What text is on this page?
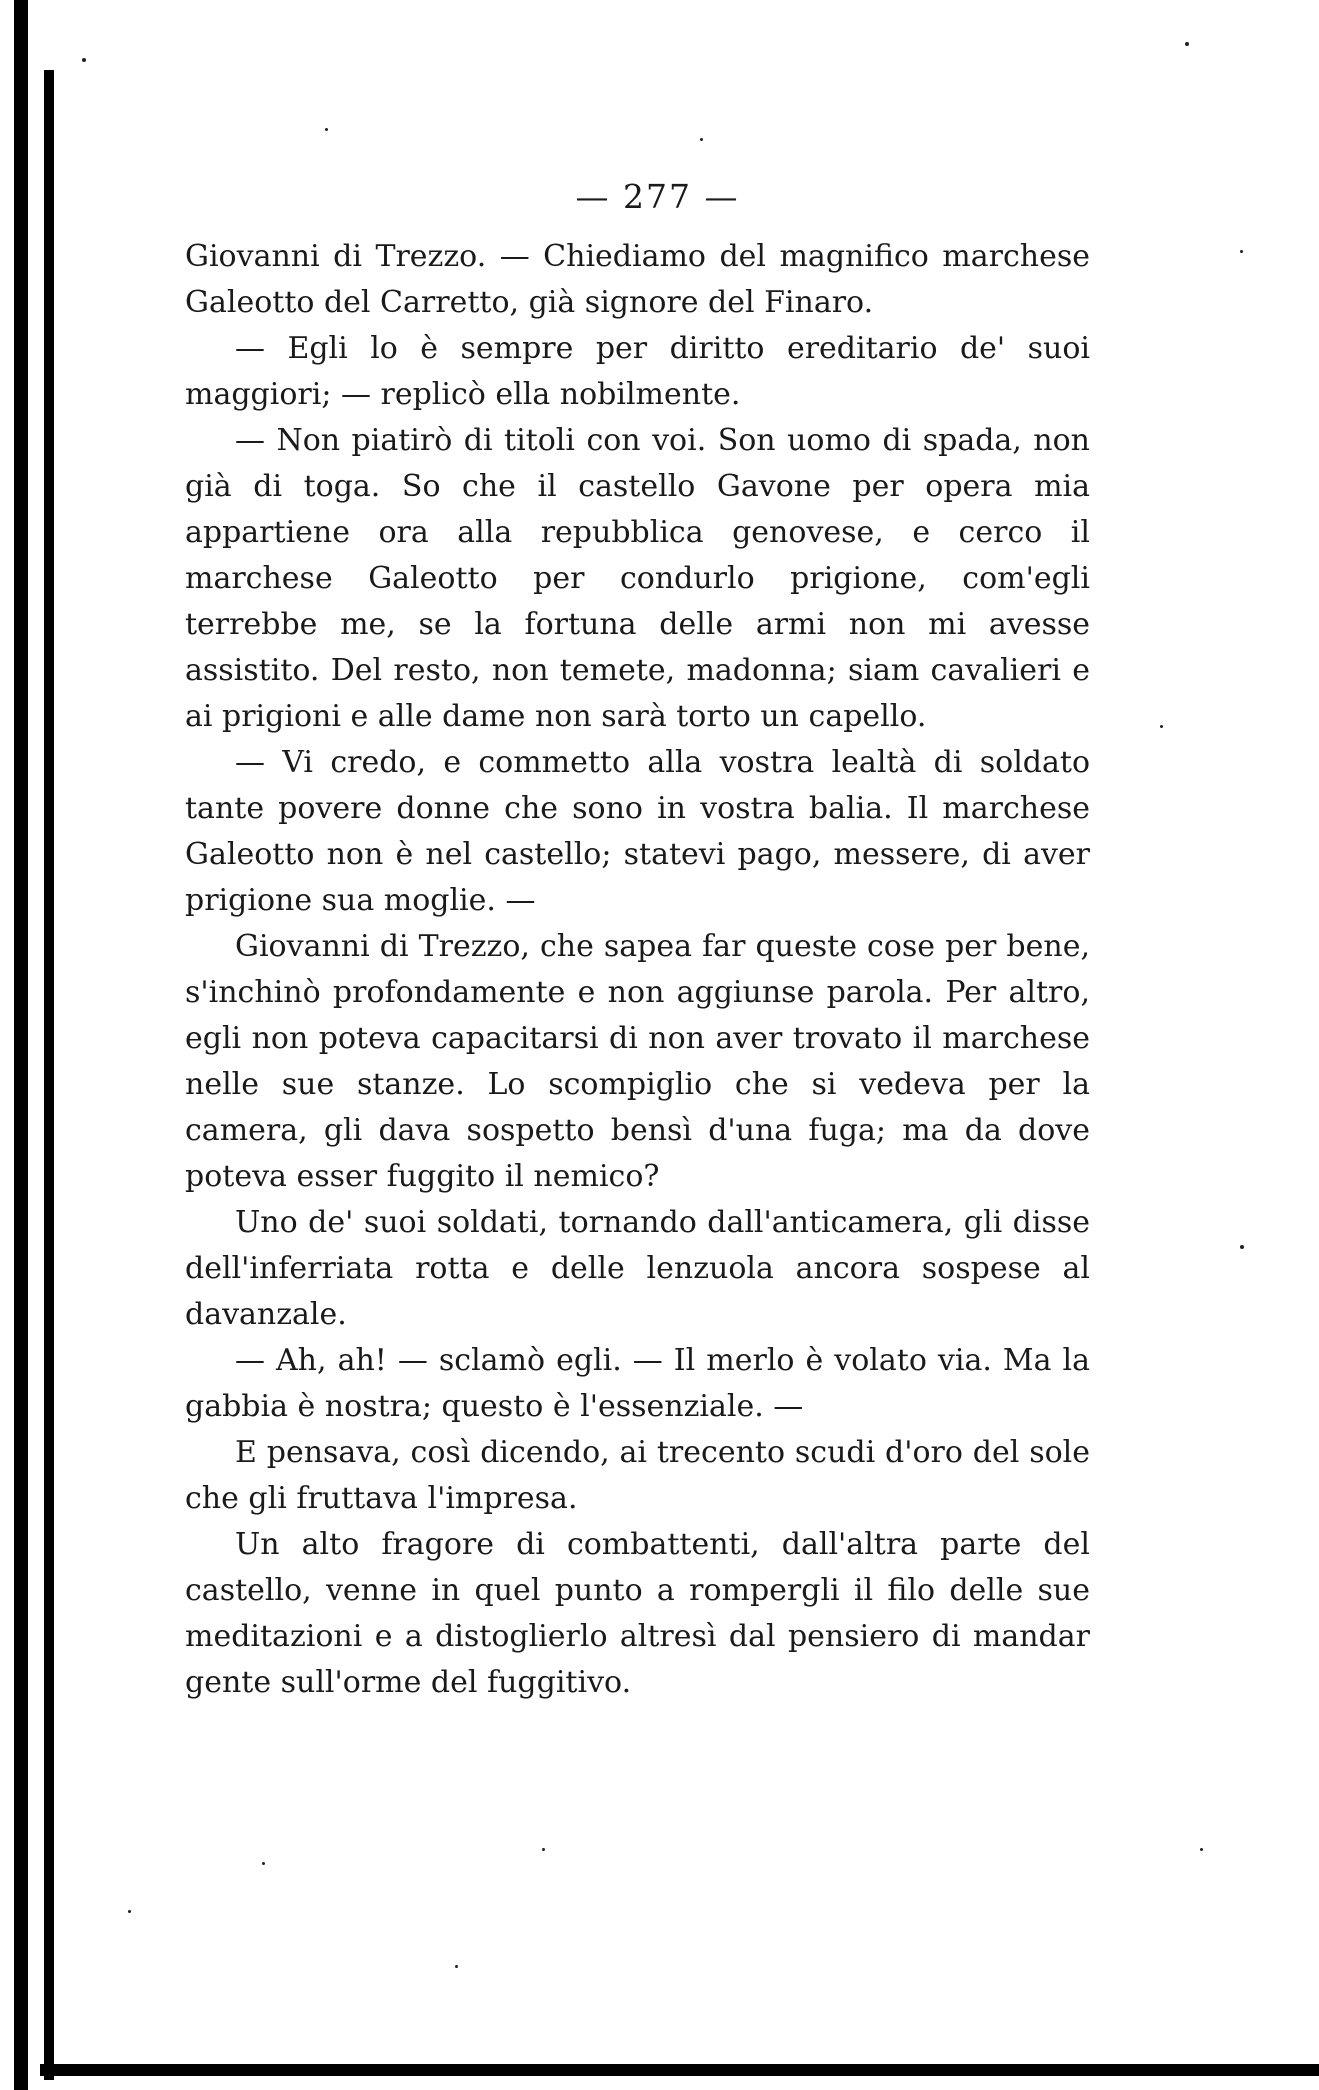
— 277 —

Giovanni di Trezzo. — Chiediamo del magnifico marchese Galeotto del Carretto, già signore del Finaro.

— Egli lo è sempre per diritto ereditario de' suoi maggiori; — replicò ella nobilmente.

— Non piatirò di titoli con voi. Son uomo di spada, non già di toga. So che il castello Gavone per opera mia appartiene ora alla repubblica genovese, e cerco il marchese Galeotto per condurlo prigione, com'egli terrebbe me, se la fortuna delle armi non mi avesse assistito. Del resto, non temete, madonna; siam cavalieri e ai prigioni e alle dame non sarà torto un capello.

— Vi credo, e commetto alla vostra lealtà di soldato tante povere donne che sono in vostra balia. Il marchese Galeotto non è nel castello; statevi pago, messere, di aver prigione sua moglie. —

Giovanni di Trezzo, che sapea far queste cose per bene, s'inchinò profondamente e non aggiunse parola. Per altro, egli non poteva capacitarsi di non aver trovato il marchese nelle sue stanze. Lo scompiglio che si vedeva per la camera, gli dava sospetto bensì d'una fuga; ma da dove poteva esser fuggito il nemico?

Uno de' suoi soldati, tornando dall'anticamera, gli disse dell'inferriata rotta e delle lenzuola ancora sospese al davanzale.

— Ah, ah! — sclamò egli. — Il merlo è volato via. Ma la gabbia è nostra; questo è l'essenziale. —

E pensava, così dicendo, ai trecento scudi d'oro del sole che gli fruttava l'impresa.

Un alto fragore di combattenti, dall'altra parte del castello, venne in quel punto a rompergli il filo delle sue meditazioni e a distoglierlo altresì dal pensiero di mandar gente sull'orme del fuggitivo.
